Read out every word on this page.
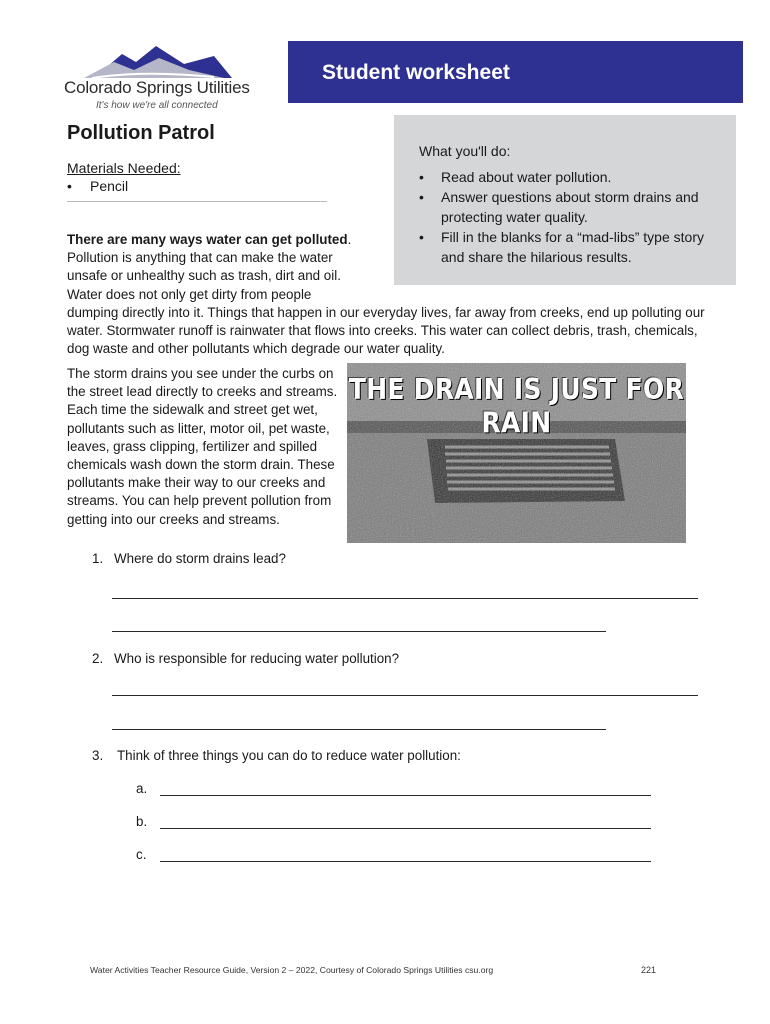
Colorado Springs Utilities
It's how we're all connected
Student worksheet
What you'll do:
• Read about water pollution.
• Answer questions about storm drains and protecting water quality.
• Fill in the blanks for a “mad-libs” type story and share the hilarious results.
Pollution Patrol
Materials Needed:
• Pencil
There are many ways water can get polluted.
Pollution is anything that can make the water unsafe or unhealthy such as trash, dirt and oil. Water does not only get dirty from people dumping directly into it. Things that happen in our everyday lives, far away from creeks, end up polluting our water. Stormwater runoff is rainwater that flows into creeks. This water can collect debris, trash, chemicals, dog waste and other pollutants which degrade our water quality.
The storm drains you see under the curbs on the street lead directly to creeks and streams. Each time the sidewalk and street get wet, pollutants such as litter, motor oil, pet waste, leaves, grass clipping, fertilizer and spilled chemicals wash down the storm drain. These pollutants make their way to our creeks and streams. You can help prevent pollution from getting into our creeks and streams.
THE DRAIN IS JUST FOR RAIN
1. Where do storm drains lead?
2. Who is responsible for reducing water pollution?
3. Think of three things you can do to reduce water pollution:
a.
b.
c.
Water Activities Teacher Resource Guide, Version 2 – 2022, Courtesy of Colorado Springs Utilities csu.org	221
